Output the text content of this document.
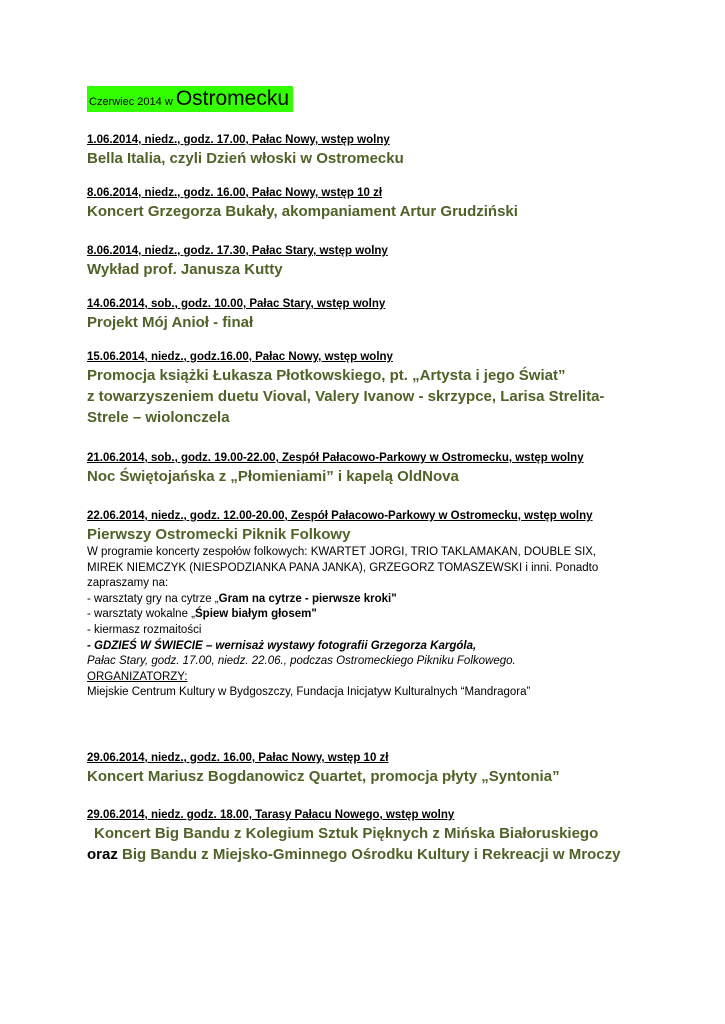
Czerwiec 2014 w Ostromecku
1.06.2014, niedz., godz. 17.00, Pałac Nowy, wstęp wolny
Bella Italia, czyli Dzień włoski w Ostromecku
8.06.2014, niedz., godz. 16.00, Pałac Nowy, wstęp 10 zł
Koncert Grzegorza Bukały, akompaniament Artur Grudziński
8.06.2014, niedz., godz. 17.30, Pałac Stary, wstęp wolny
Wykład prof. Janusza Kutty
14.06.2014, sob., godz. 10.00, Pałac Stary, wstęp wolny
Projekt Mój Anioł - finał
15.06.2014, niedz., godz.16.00, Pałac Nowy, wstęp wolny
Promocja książki Łukasza Płotkowskiego, pt. „Artysta i jego Świat”
z towarzyszeniem duetu Vioval, Valery Ivanow - skrzypce, Larisa Strelita-
Strele – wiolonczela
21.06.2014, sob., godz. 19.00-22.00, Zespół Pałacowo-Parkowy w Ostromecku, wstęp wolny
Noc Świętojańska z „Płomieniami” i kapelą OldNova
22.06.2014, niedz., godz. 12.00-20.00, Zespół Pałacowo-Parkowy w Ostromecku, wstęp wolny
Pierwszy Ostromecki Piknik Folkowy
W programie koncerty zespołów folkowych: KWARTET JORGI, TRIO TAKLAMAKAN, DOUBLE SIX,
MIREK NIEMCZYK (NIESPODZIANKA PANA JANKA), GRZEGORZ TOMASZEWSKI i inni. Ponadto
zapraszamy na:
- warsztaty gry na cytrze „Gram na cytrze - pierwsze kroki"
- warsztaty wokalne „Śpiew białym głosem"
- kiermasz rozmaitości
- GDZIEŚ W ŚWIECIE – wernisaż wystawy fotografii Grzegorza Kargóla,
Pałac Stary, godz. 17.00, niedz. 22.06., podczas Ostromeckiego Pikniku Folkowego.
ORGANIZATORZY:
Miejskie Centrum Kultury w Bydgoszczy, Fundacja Inicjatyw Kulturalnych “Mandragora”
29.06.2014, niedz., godz. 16.00, Pałac Nowy, wstęp 10 zł
Koncert Mariusz Bogdanowicz Quartet, promocja płyty „Syntonia”
29.06.2014, niedz. godz. 18.00, Tarasy Pałacu Nowego, wstęp wolny
Koncert Big Bandu z Kolegium Sztuk Pięknych z Mińska Białoruskiego
oraz Big Bandu z Miejsko-Gminnego Ośrodku Kultury i Rekreacji w Mroczy
